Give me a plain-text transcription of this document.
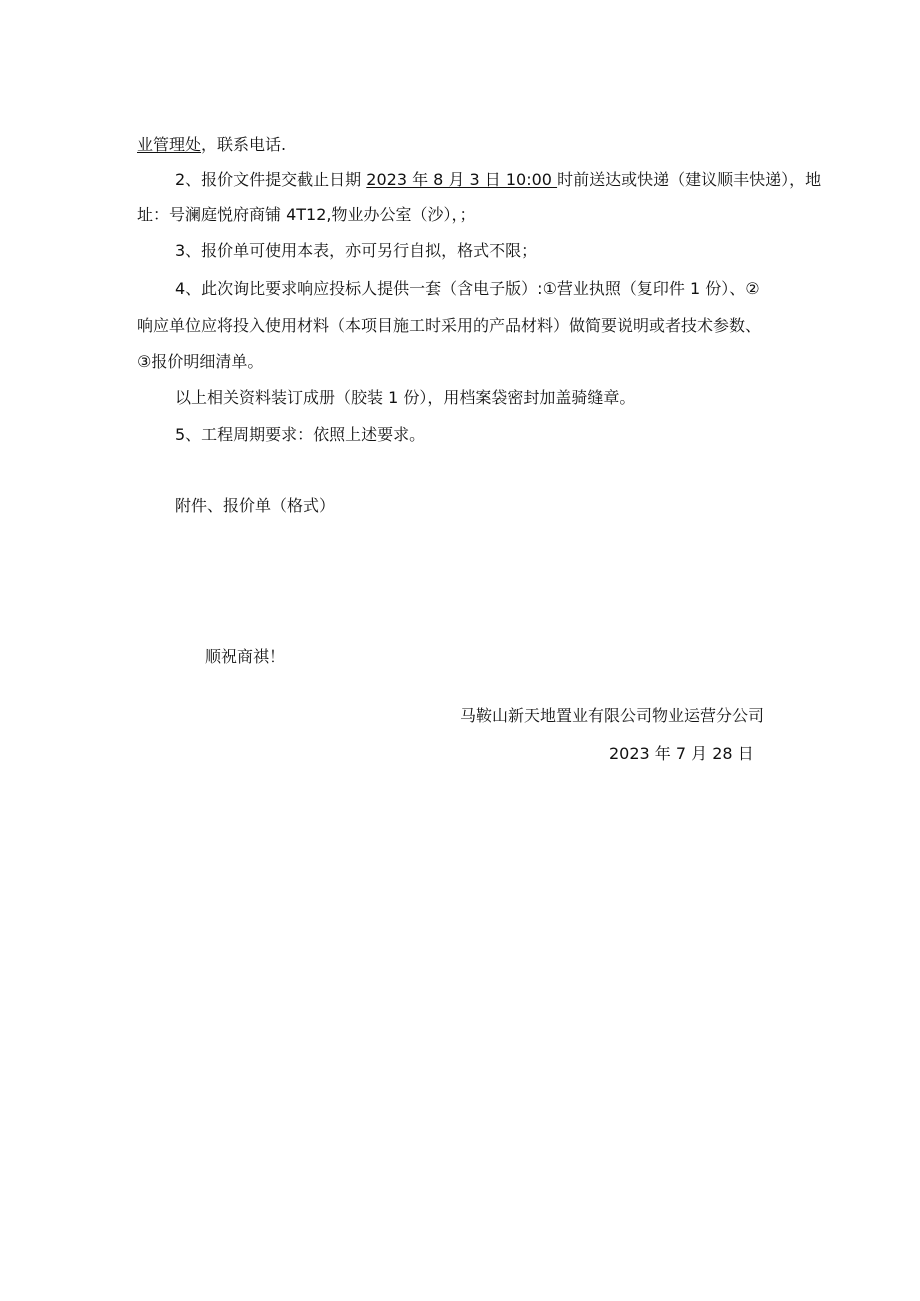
业管理处，联系电话.
2、报价文件提交截止日期 2023 年 8 月 3 日 10:00 时前送达或快递（建议顺丰快递），地
址：号澜庭悦府商铺 4T12,物业办公室（沙），；
3、报价单可使用本表，亦可另行自拟，格式不限；
4、此次询比要求响应投标人提供一套（含电子版）:①营业执照（复印件 1 份）、②
响应单位应将投入使用材料（本项目施工时采用的产品材料）做简要说明或者技术参数、
③报价明细清单。
以上相关资料装订成册（胶装 1 份），用档案袋密封加盖骑缝章。
5、工程周期要求：依照上述要求。
附件、报价单（格式）
顺祝商祺！
马鞍山新天地置业有限公司物业运营分公司
2023 年 7 月 28 日
